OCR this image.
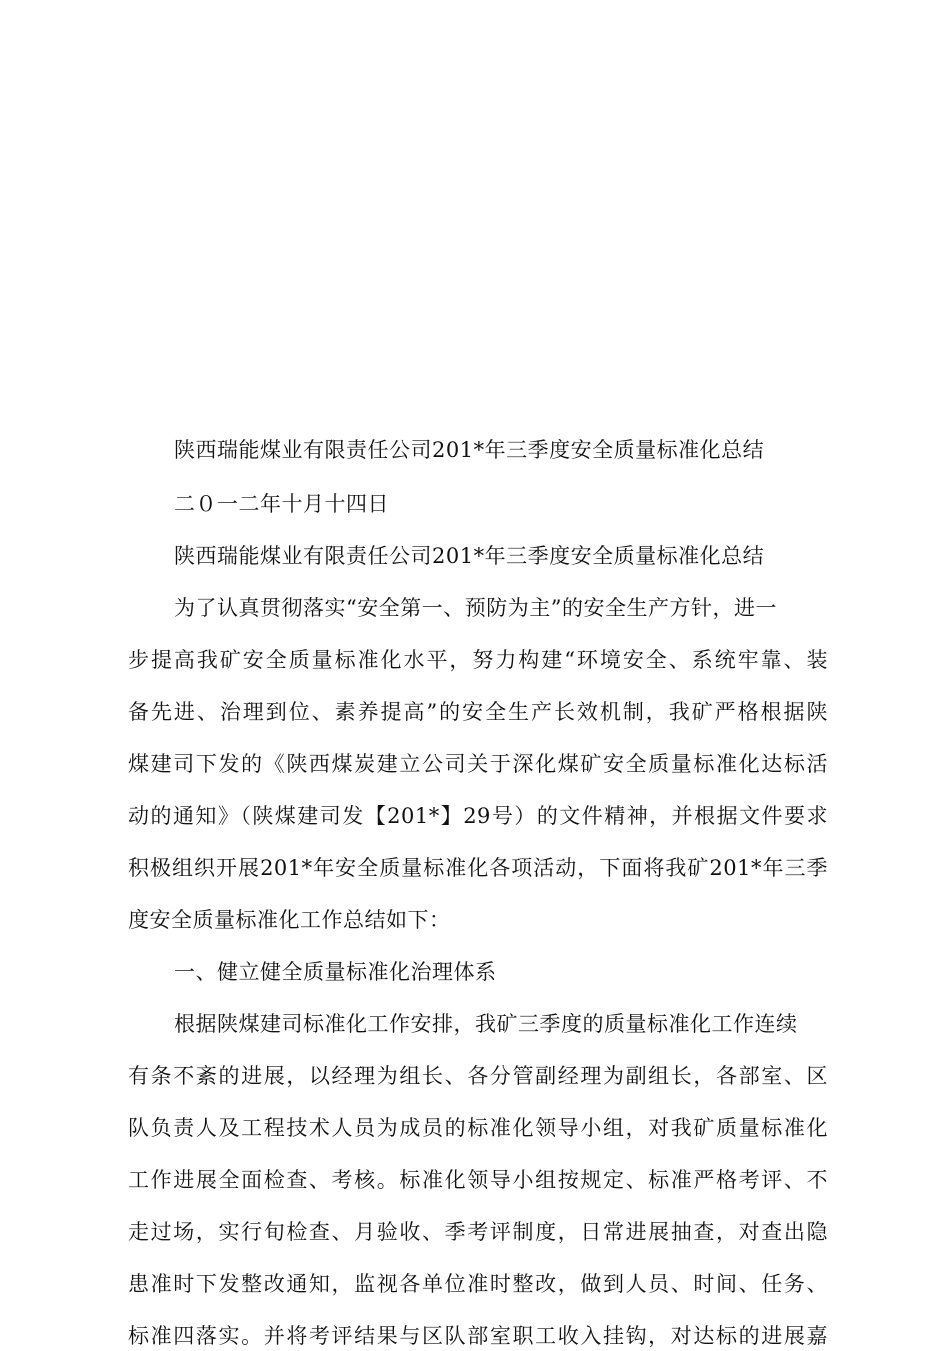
陕西瑞能煤业有限责任公司201*年三季度安全质量标准化总结
二０一二年十月十四日
陕西瑞能煤业有限责任公司201*年三季度安全质量标准化总结
为了认真贯彻落实“安全第一、预防为主”的安全生产方针，进一
步提高我矿安全质量标准化水平，努力构建“环境安全、系统牢靠、装
备先进、治理到位、素养提高”的安全生产长效机制，我矿严格根据陕
煤建司下发的《陕西煤炭建立公司关于深化煤矿安全质量标准化达标活
动的通知》（陕煤建司发【201*】29号）的文件精神，并根据文件要求
积极组织开展201*年安全质量标准化各项活动，下面将我矿201*年三季
度安全质量标准化工作总结如下：
一、健立健全质量标准化治理体系
根据陕煤建司标准化工作安排，我矿三季度的质量标准化工作连续
有条不紊的进展，以经理为组长、各分管副经理为副组长，各部室、区
队负责人及工程技术人员为成员的标准化领导小组，对我矿质量标准化
工作进展全面检查、考核。标准化领导小组按规定、标准严格考评、不
走过场，实行旬检查、月验收、季考评制度，日常进展抽查，对查出隐
患准时下发整改通知，监视各单位准时整改，做到人员、时间、任务、
标准四落实。并将考评结果与区队部室职工收入挂钩，对达标的进展嘉
